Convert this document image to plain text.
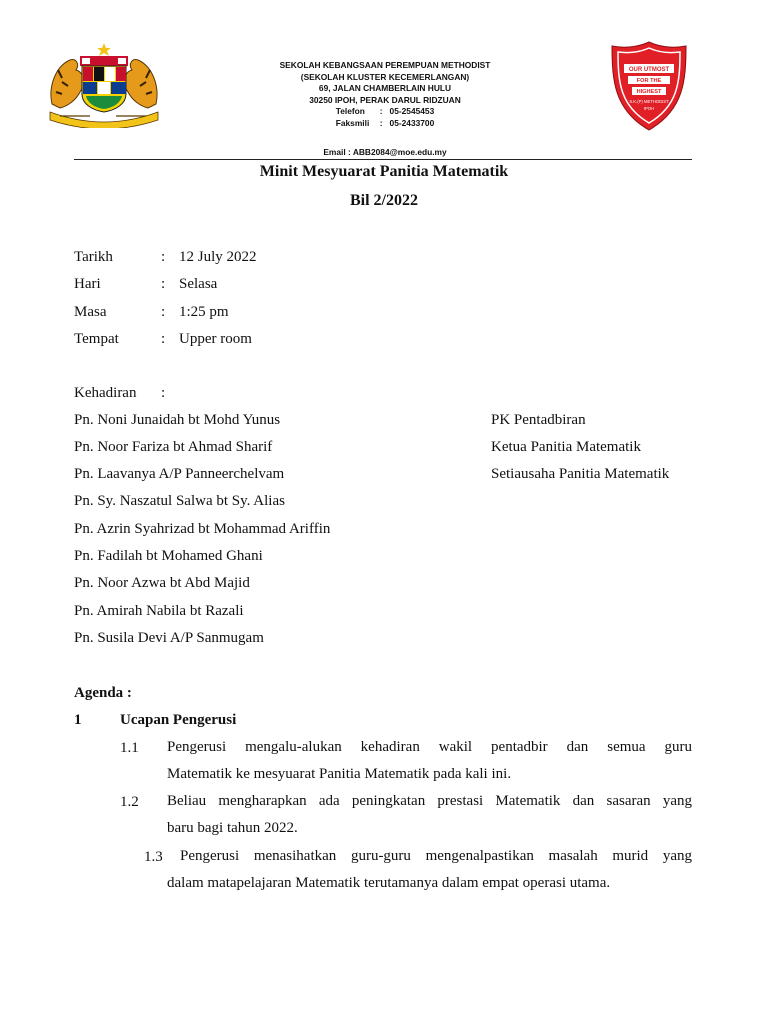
SEKOLAH KEBANGSAAN PEREMPUAN METHODIST
(SEKOLAH KLUSTER KECEMERLANGAN)
69, JALAN CHAMBERLAIN HULU
30250 IPOH, PERAK DARUL RIDZUAN
Telefon :   05-2545453
Faksmili :   05-2433700
Email : ABB2084@moe.edu.my
OUR UTMOST
FOR THE
HIGHEST
S.K.(P) METHODIST
IPOH
Minit Mesyuarat Panitia Matematik
Bil 2/2022
Tarikh	: 12 July 2022
Hari	: Selasa
Masa	: 1:25 pm
Tempat	: Upper room
Kehadiran :
Pn. Noni Junaidah bt Mohd Yunus	PK Pentadbiran
Pn. Noor Fariza bt Ahmad Sharif	Ketua Panitia Matematik
Pn. Laavanya A/P Panneerchelvam	Setiausaha Panitia Matematik
Pn. Sy. Naszatul Salwa bt Sy. Alias
Pn. Azrin Syahrizad bt Mohammad Ariffin
Pn. Fadilah bt Mohamed Ghani
Pn. Noor Azwa bt Abd Majid
Pn. Amirah Nabila bt Razali
Pn. Susila Devi A/P Sanmugam
Agenda :
1	Ucapan Pengerusi
1.1 Pengerusi mengalu-alukan kehadiran wakil pentadbir dan semua guru
Matematik ke mesyuarat Panitia Matematik pada kali ini.
1.2 Beliau mengharapkan ada peningkatan prestasi Matematik dan sasaran yang
baru bagi tahun 2022.
1.3 Pengerusi menasihatkan guru-guru mengenalpastikan masalah murid yang
dalam matapelajaran Matematik terutamanya dalam empat operasi utama.
